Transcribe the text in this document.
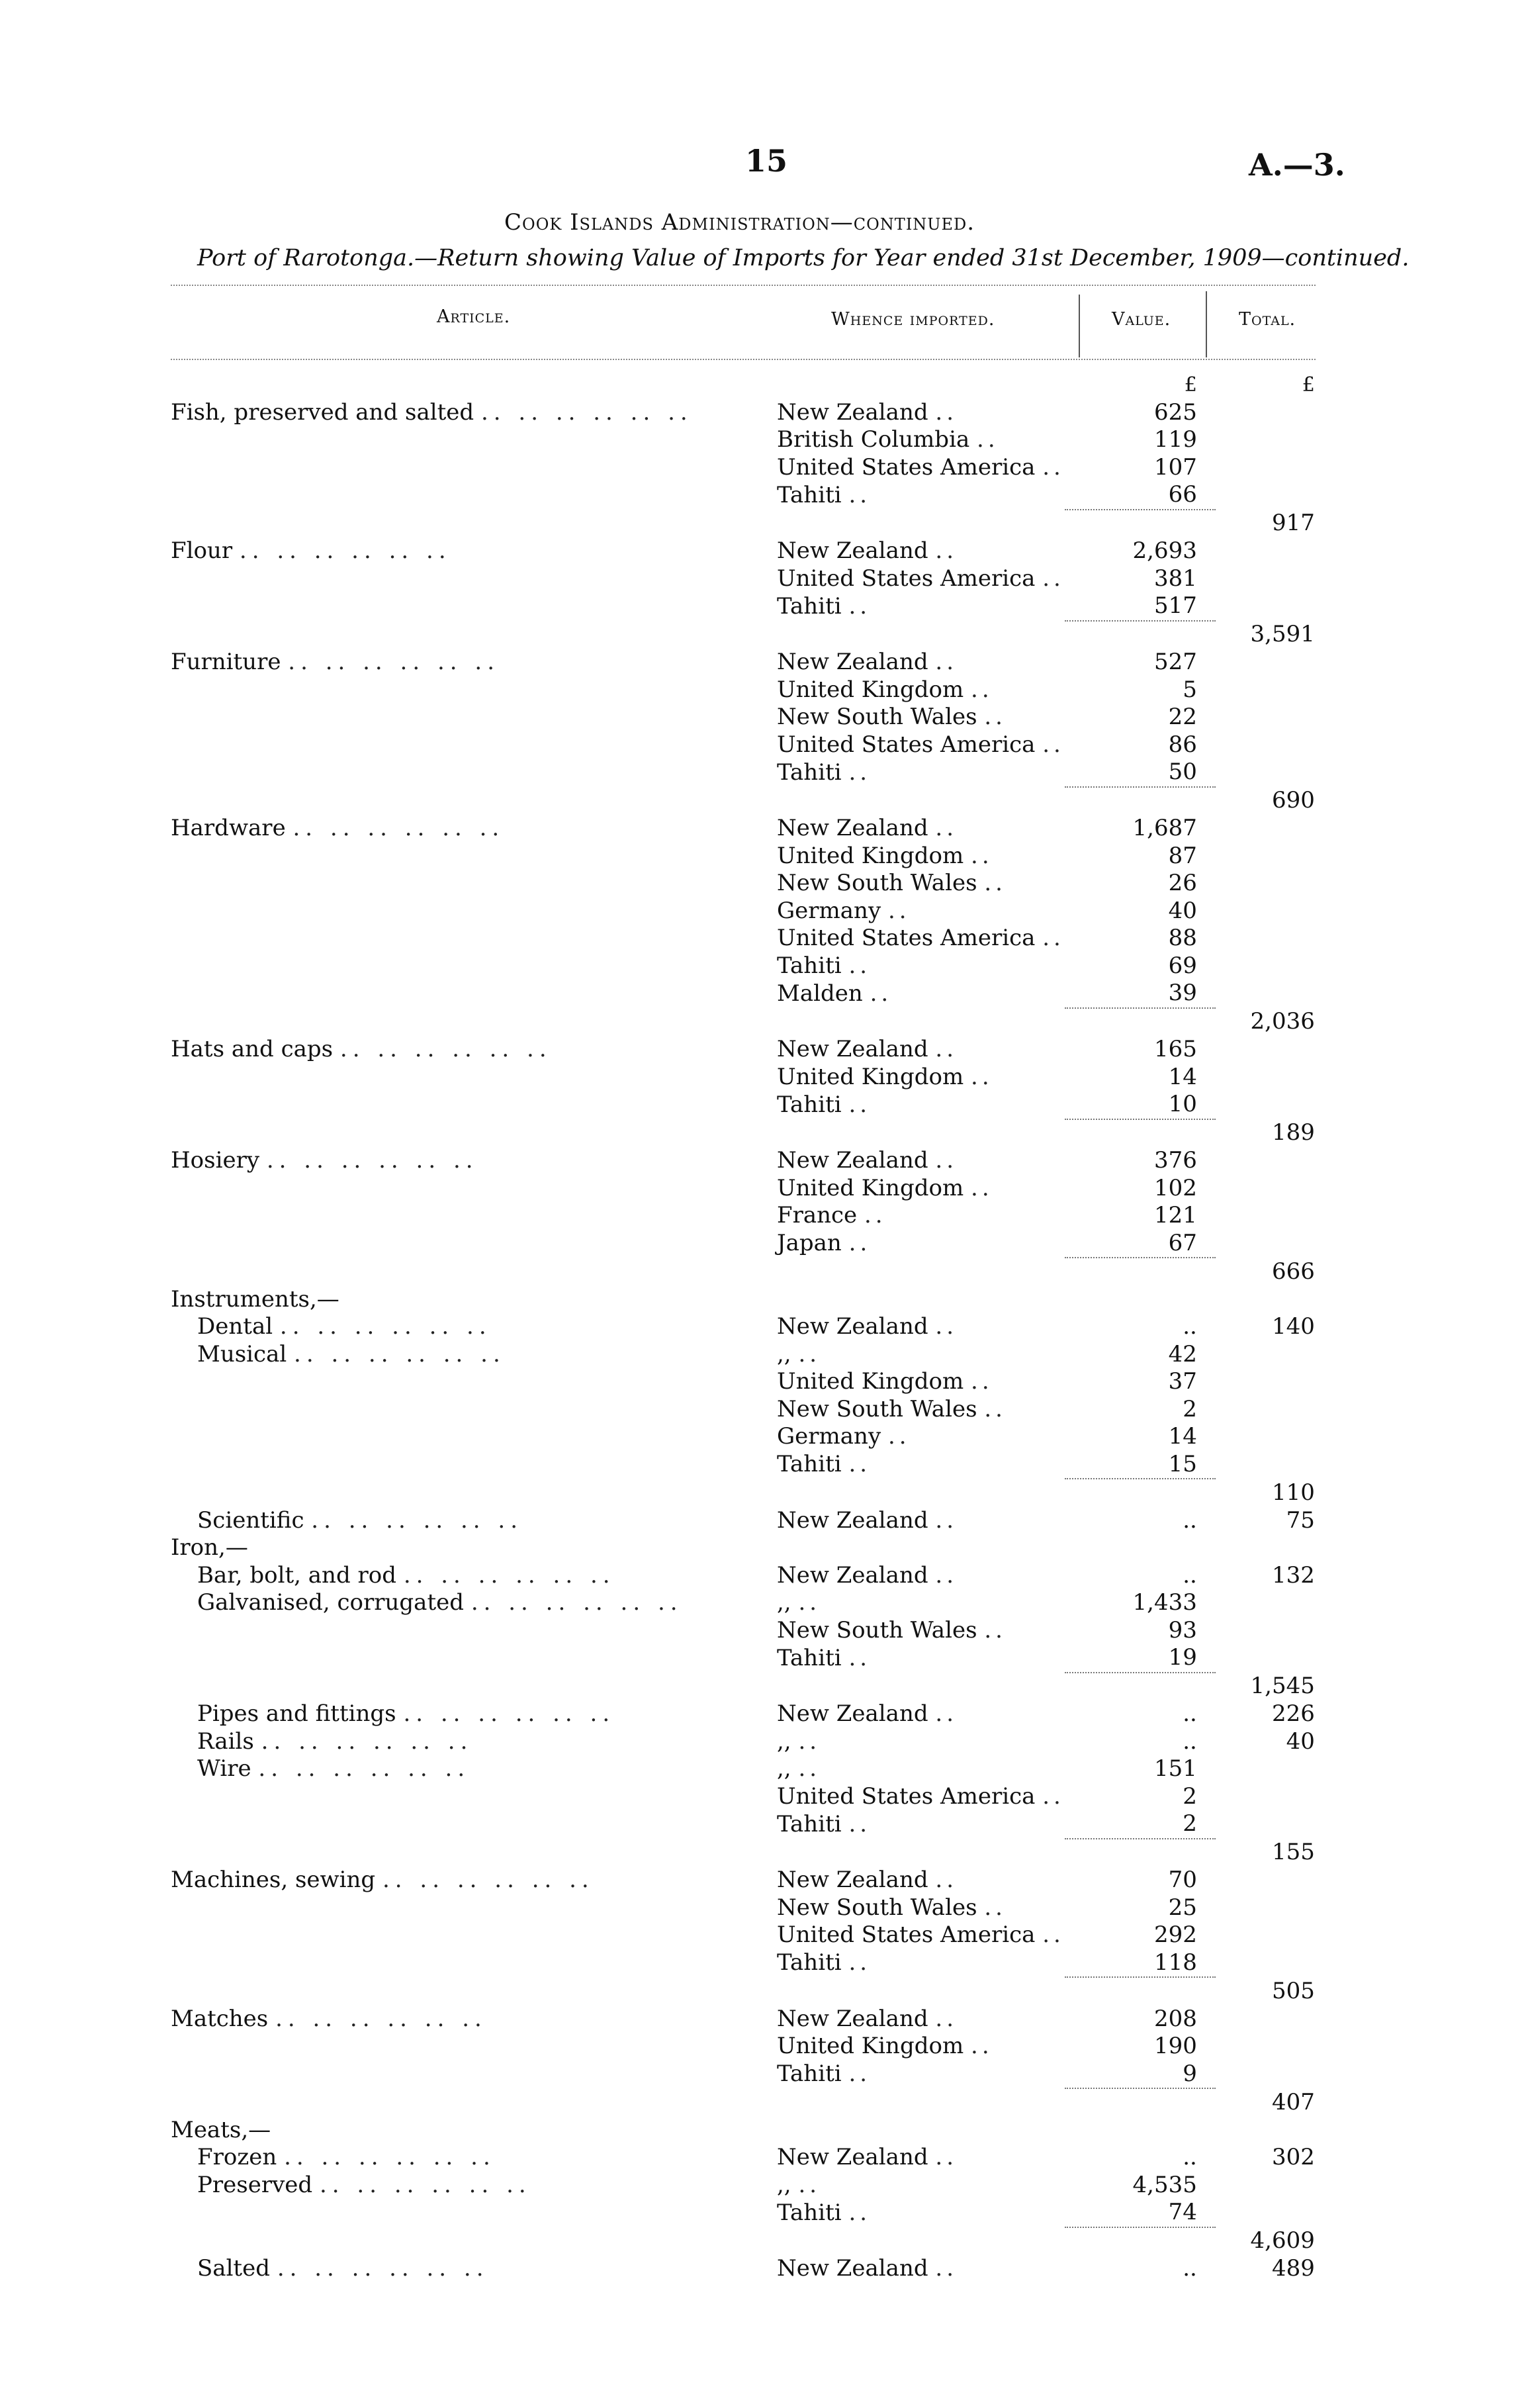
15	A.—3.
Cook Islands Administration—continued.
Port of Rarotonga.—Return showing Value of Imports for Year ended 31st December, 1909—continued.
Article.	Whence imported.	Value.	Total.
		£	£
Fish, preserved and salted .. .. .. .. .. ..	New Zealand ..	625	
	British Columbia ..	119	
	United States America ..	107	
	Tahiti ..	66	
			917
Flour .. .. .. .. .. ..	New Zealand ..	2,693	
	United States America ..	381	
	Tahiti ..	517	
			3,591
Furniture .. .. .. .. .. ..	New Zealand ..	527	
	United Kingdom ..	5	
	New South Wales ..	22	
	United States America ..	86	
	Tahiti ..	50	
			690
Hardware .. .. .. .. .. ..	New Zealand ..	1,687	
	United Kingdom ..	87	
	New South Wales ..	26	
	Germany ..	40	
	United States America ..	88	
	Tahiti ..	69	
	Malden ..	39	
			2,036
Hats and caps .. .. .. .. .. ..	New Zealand ..	165	
	United Kingdom ..	14	
	Tahiti ..	10	
			189
Hosiery .. .. .. .. .. ..	New Zealand ..	376	
	United Kingdom ..	102	
	France ..	121	
	Japan ..	67	
			666
Instruments,—			
Dental .. .. .. .. .. ..	New Zealand ..	..	140
Musical .. .. .. .. .. ..	,, ..	42	
	United Kingdom ..	37	
	New South Wales ..	2	
	Germany ..	14	
	Tahiti ..	15	
			110
Scientific .. .. .. .. .. ..	New Zealand ..	..	75
Iron,—			
Bar, bolt, and rod .. .. .. .. .. ..	New Zealand ..	..	132
Galvanised, corrugated .. .. .. .. .. ..	,, ..	1,433	
	New South Wales ..	93	
	Tahiti ..	19	
			1,545
Pipes and fittings .. .. .. .. .. ..	New Zealand ..	..	226
Rails .. .. .. .. .. ..	,, ..	..	40
Wire .. .. .. .. .. ..	,, ..	151	
	United States America ..	2	
	Tahiti ..	2	
			155
Machines, sewing .. .. .. .. .. ..	New Zealand ..	70	
	New South Wales ..	25	
	United States America ..	292	
	Tahiti ..	118	
			505
Matches .. .. .. .. .. ..	New Zealand ..	208	
	United Kingdom ..	190	
	Tahiti ..	9	
			407
Meats,—			
Frozen .. .. .. .. .. ..	New Zealand ..	..	302
Preserved .. .. .. .. .. ..	,, ..	4,535	
	Tahiti ..	74	
			4,609
Salted .. .. .. .. .. ..	New Zealand ..	..	489
